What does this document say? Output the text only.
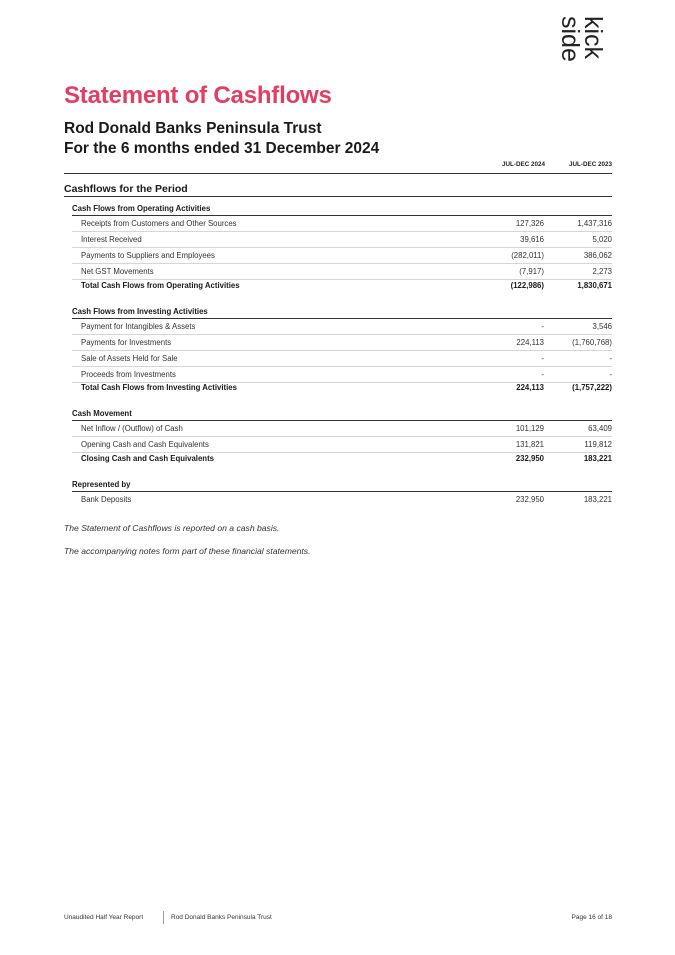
kick
side
Statement of Cashflows
Rod Donald Banks Peninsula Trust
For the 6 months ended 31 December 2024
JUL-DEC 2024	JUL-DEC 2023
Cashflows for the Period
Cash Flows from Operating Activities
Receipts from Customers and Other Sources	127,326	1,437,316
Interest Received	39,616	5,020
Payments to Suppliers and Employees	(282,011)	386,062
Net GST Movements	(7,917)	2,273
Total Cash Flows from Operating Activities	(122,986)	1,830,671
Cash Flows from Investing Activities
Payment for Intangibles & Assets	-	3,546
Payments for Investments	224,113	(1,760,768)
Sale of Assets Held for Sale	-	-
Proceeds from Investments	-	-
Total Cash Flows from Investing Activities	224,113	(1,757,222)
Cash Movement
Net Inflow / (Outflow) of Cash	101,129	63,409
Opening Cash and Cash Equivalents	131,821	119,812
Closing Cash and Cash Equivalents	232,950	183,221
Represented by
Bank Deposits	232,950	183,221
The Statement of Cashflows is reported on a cash basis.
The accompanying notes form part of these financial statements.
Unaudited Half Year Report	Rod Donald Banks Peninsula Trust	Page 16 of 18
